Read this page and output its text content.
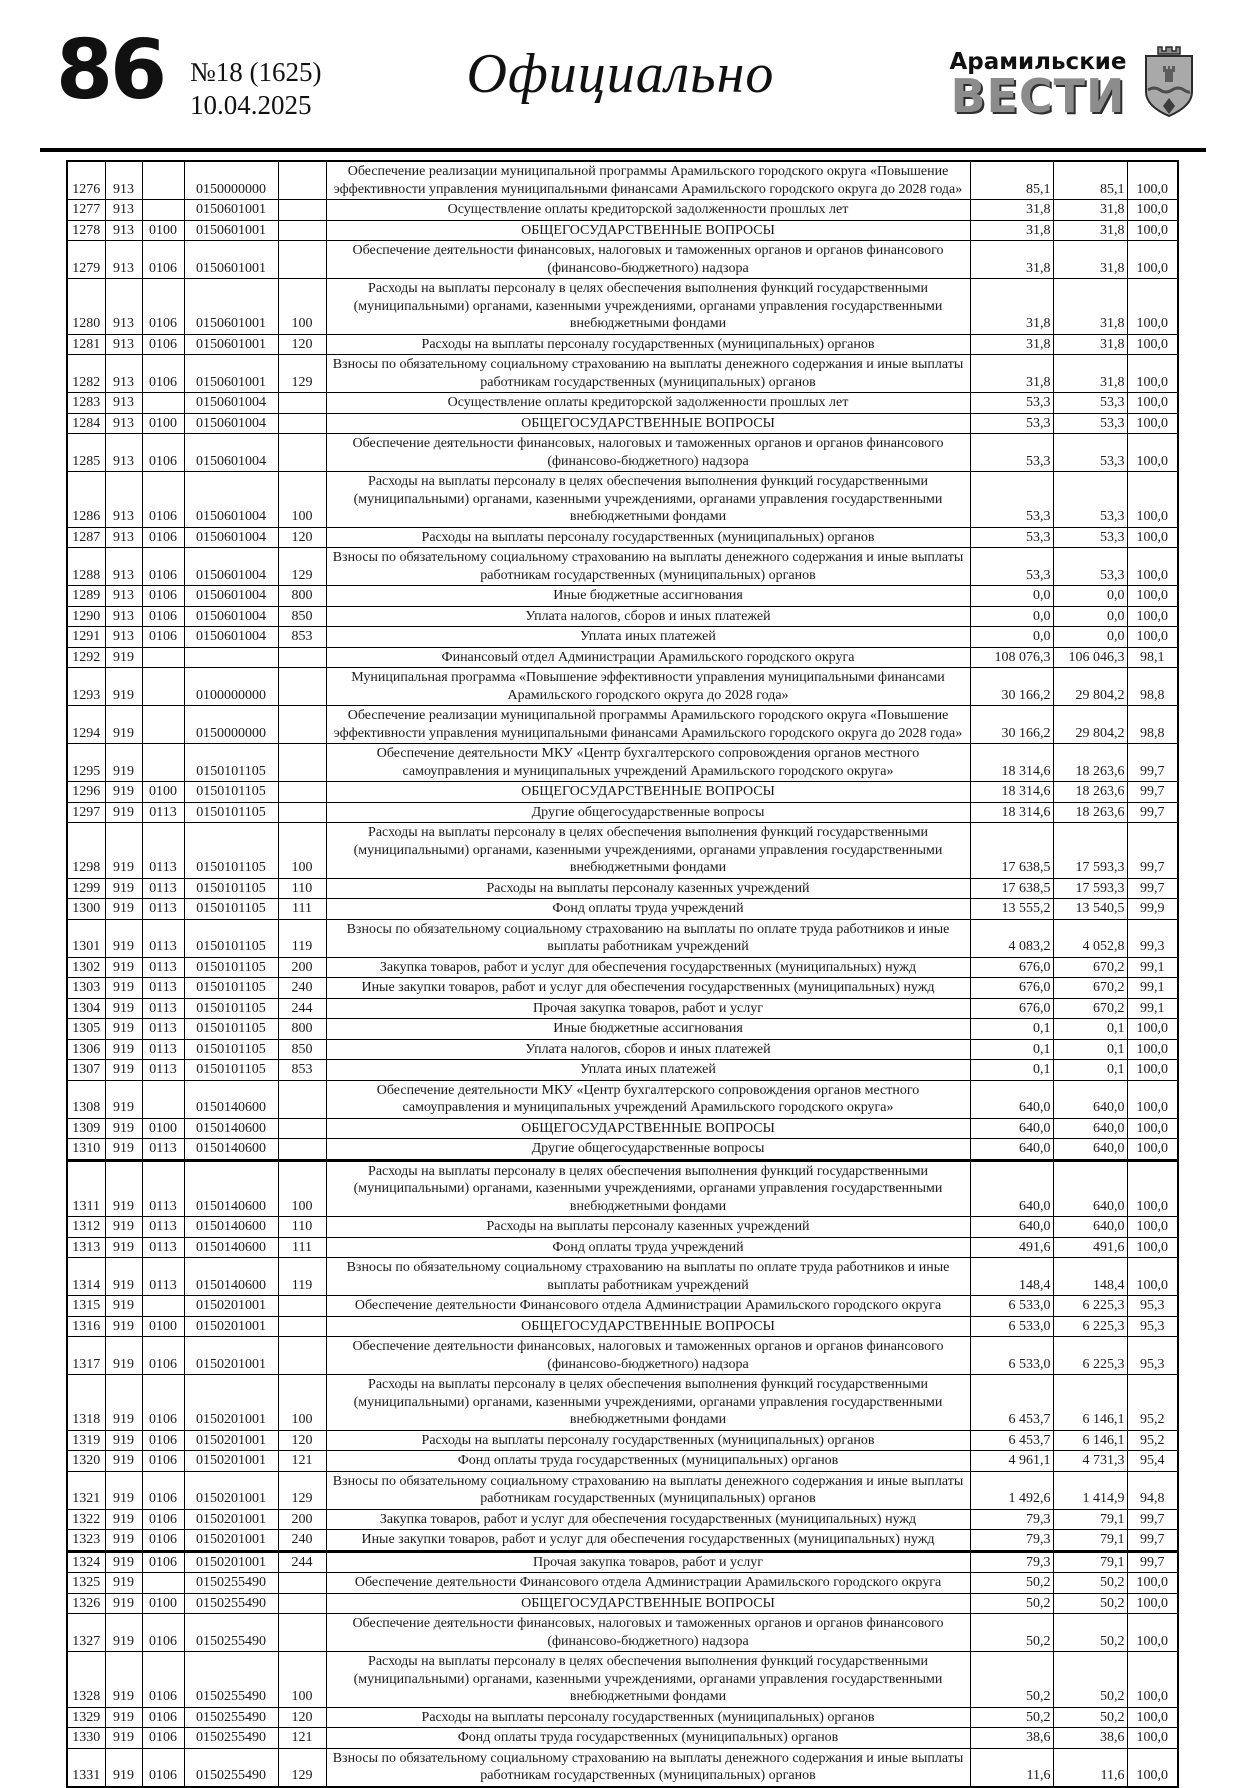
86 №18 (1625)
10.04.2025	Официально	Арамильские
ВЕСТИ
1276	913		0150000000		Обеспечение реализации муниципальной программы Арамильского городского округа «Повышение эффективности управления муниципальными финансами Арамильского городского округа до 2028 года»	85,1	85,1	100,0
1277	913		0150601001		Осуществление оплаты кредиторской задолженности прошлых лет	31,8	31,8	100,0
1278	913	0100	0150601001		ОБЩЕГОСУДАРСТВЕННЫЕ ВОПРОСЫ	31,8	31,8	100,0
1279	913	0106	0150601001		Обеспечение деятельности финансовых, налоговых и таможенных органов и органов финансового (финансово-бюджетного) надзора	31,8	31,8	100,0
1280	913	0106	0150601001	100	Расходы на выплаты персоналу в целях обеспечения выполнения функций государственными (муниципальными) органами, казенными учреждениями, органами управления государственными внебюджетными фондами	31,8	31,8	100,0
1281	913	0106	0150601001	120	Расходы на выплаты персоналу государственных (муниципальных) органов	31,8	31,8	100,0
1282	913	0106	0150601001	129	Взносы по обязательному социальному страхованию на выплаты денежного содержания и иные выплаты работникам государственных (муниципальных) органов	31,8	31,8	100,0
1283	913		0150601004		Осуществление оплаты кредиторской задолженности прошлых лет	53,3	53,3	100,0
1284	913	0100	0150601004		ОБЩЕГОСУДАРСТВЕННЫЕ ВОПРОСЫ	53,3	53,3	100,0
1285	913	0106	0150601004		Обеспечение деятельности финансовых, налоговых и таможенных органов и органов финансового (финансово-бюджетного) надзора	53,3	53,3	100,0
1286	913	0106	0150601004	100	Расходы на выплаты персоналу в целях обеспечения выполнения функций государственными (муниципальными) органами, казенными учреждениями, органами управления государственными внебюджетными фондами	53,3	53,3	100,0
1287	913	0106	0150601004	120	Расходы на выплаты персоналу государственных (муниципальных) органов	53,3	53,3	100,0
1288	913	0106	0150601004	129	Взносы по обязательному социальному страхованию на выплаты денежного содержания и иные выплаты работникам государственных (муниципальных) органов	53,3	53,3	100,0
1289	913	0106	0150601004	800	Иные бюджетные ассигнования	0,0	0,0	100,0
1290	913	0106	0150601004	850	Уплата налогов, сборов и иных платежей	0,0	0,0	100,0
1291	913	0106	0150601004	853	Уплата иных платежей	0,0	0,0	100,0
1292	919				Финансовый отдел Администрации Арамильского городского округа	108 076,3	106 046,3	98,1
1293	919		0100000000		Муниципальная программа «Повышение эффективности управления муниципальными финансами Арамильского городского округа до 2028 года»	30 166,2	29 804,2	98,8
1294	919		0150000000		Обеспечение реализации муниципальной программы Арамильского городского округа «Повышение эффективности управления муниципальными финансами Арамильского городского округа до 2028 года»	30 166,2	29 804,2	98,8
1295	919		0150101105		Обеспечение деятельности МКУ «Центр бухгалтерского сопровождения органов местного самоуправления и муниципальных учреждений Арамильского городского округа»	18 314,6	18 263,6	99,7
1296	919	0100	0150101105		ОБЩЕГОСУДАРСТВЕННЫЕ ВОПРОСЫ	18 314,6	18 263,6	99,7
1297	919	0113	0150101105		Другие общегосударственные вопросы	18 314,6	18 263,6	99,7
1298	919	0113	0150101105	100	Расходы на выплаты персоналу в целях обеспечения выполнения функций государственными (муниципальными) органами, казенными учреждениями, органами управления государственными внебюджетными фондами	17 638,5	17 593,3	99,7
1299	919	0113	0150101105	110	Расходы на выплаты персоналу казенных учреждений	17 638,5	17 593,3	99,7
1300	919	0113	0150101105	111	Фонд оплаты труда учреждений	13 555,2	13 540,5	99,9
1301	919	0113	0150101105	119	Взносы по обязательному социальному страхованию на выплаты по оплате труда работников и иные выплаты работникам учреждений	4 083,2	4 052,8	99,3
1302	919	0113	0150101105	200	Закупка товаров, работ и услуг для обеспечения государственных (муниципальных) нужд	676,0	670,2	99,1
1303	919	0113	0150101105	240	Иные закупки товаров, работ и услуг для обеспечения государственных (муниципальных) нужд	676,0	670,2	99,1
1304	919	0113	0150101105	244	Прочая закупка товаров, работ и услуг	676,0	670,2	99,1
1305	919	0113	0150101105	800	Иные бюджетные ассигнования	0,1	0,1	100,0
1306	919	0113	0150101105	850	Уплата налогов, сборов и иных платежей	0,1	0,1	100,0
1307	919	0113	0150101105	853	Уплата иных платежей	0,1	0,1	100,0
1308	919		0150140600		Обеспечение деятельности МКУ «Центр бухгалтерского сопровождения органов местного самоуправления и муниципальных учреждений Арамильского городского округа»	640,0	640,0	100,0
1309	919	0100	0150140600		ОБЩЕГОСУДАРСТВЕННЫЕ ВОПРОСЫ	640,0	640,0	100,0
1310	919	0113	0150140600		Другие общегосударственные вопросы	640,0	640,0	100,0
1311	919	0113	0150140600	100	Расходы на выплаты персоналу в целях обеспечения выполнения функций государственными (муниципальными) органами, казенными учреждениями, органами управления государственными внебюджетными фондами	640,0	640,0	100,0
1312	919	0113	0150140600	110	Расходы на выплаты персоналу казенных учреждений	640,0	640,0	100,0
1313	919	0113	0150140600	111	Фонд оплаты труда учреждений	491,6	491,6	100,0
1314	919	0113	0150140600	119	Взносы по обязательному социальному страхованию на выплаты по оплате труда работников и иные выплаты работникам учреждений	148,4	148,4	100,0
1315	919		0150201001		Обеспечение деятельности Финансового отдела Администрации Арамильского городского округа	6 533,0	6 225,3	95,3
1316	919	0100	0150201001		ОБЩЕГОСУДАРСТВЕННЫЕ ВОПРОСЫ	6 533,0	6 225,3	95,3
1317	919	0106	0150201001		Обеспечение деятельности финансовых, налоговых и таможенных органов и органов финансового (финансово-бюджетного) надзора	6 533,0	6 225,3	95,3
1318	919	0106	0150201001	100	Расходы на выплаты персоналу в целях обеспечения выполнения функций государственными (муниципальными) органами, казенными учреждениями, органами управления государственными внебюджетными фондами	6 453,7	6 146,1	95,2
1319	919	0106	0150201001	120	Расходы на выплаты персоналу государственных (муниципальных) органов	6 453,7	6 146,1	95,2
1320	919	0106	0150201001	121	Фонд оплаты труда государственных (муниципальных) органов	4 961,1	4 731,3	95,4
1321	919	0106	0150201001	129	Взносы по обязательному социальному страхованию на выплаты денежного содержания и иные выплаты работникам государственных (муниципальных) органов	1 492,6	1 414,9	94,8
1322	919	0106	0150201001	200	Закупка товаров, работ и услуг для обеспечения государственных (муниципальных) нужд	79,3	79,1	99,7
1323	919	0106	0150201001	240	Иные закупки товаров, работ и услуг для обеспечения государственных (муниципальных) нужд	79,3	79,1	99,7
1324	919	0106	0150201001	244	Прочая закупка товаров, работ и услуг	79,3	79,1	99,7
1325	919		0150255490		Обеспечение деятельности Финансового отдела Администрации Арамильского городского округа	50,2	50,2	100,0
1326	919	0100	0150255490		ОБЩЕГОСУДАРСТВЕННЫЕ ВОПРОСЫ	50,2	50,2	100,0
1327	919	0106	0150255490		Обеспечение деятельности финансовых, налоговых и таможенных органов и органов финансового (финансово-бюджетного) надзора	50,2	50,2	100,0
1328	919	0106	0150255490	100	Расходы на выплаты персоналу в целях обеспечения выполнения функций государственными (муниципальными) органами, казенными учреждениями, органами управления государственными внебюджетными фондами	50,2	50,2	100,0
1329	919	0106	0150255490	120	Расходы на выплаты персоналу государственных (муниципальных) органов	50,2	50,2	100,0
1330	919	0106	0150255490	121	Фонд оплаты труда государственных (муниципальных) органов	38,6	38,6	100,0
1331	919	0106	0150255490	129	Взносы по обязательному социальному страхованию на выплаты денежного содержания и иные выплаты работникам государственных (муниципальных) органов	11,6	11,6	100,0
